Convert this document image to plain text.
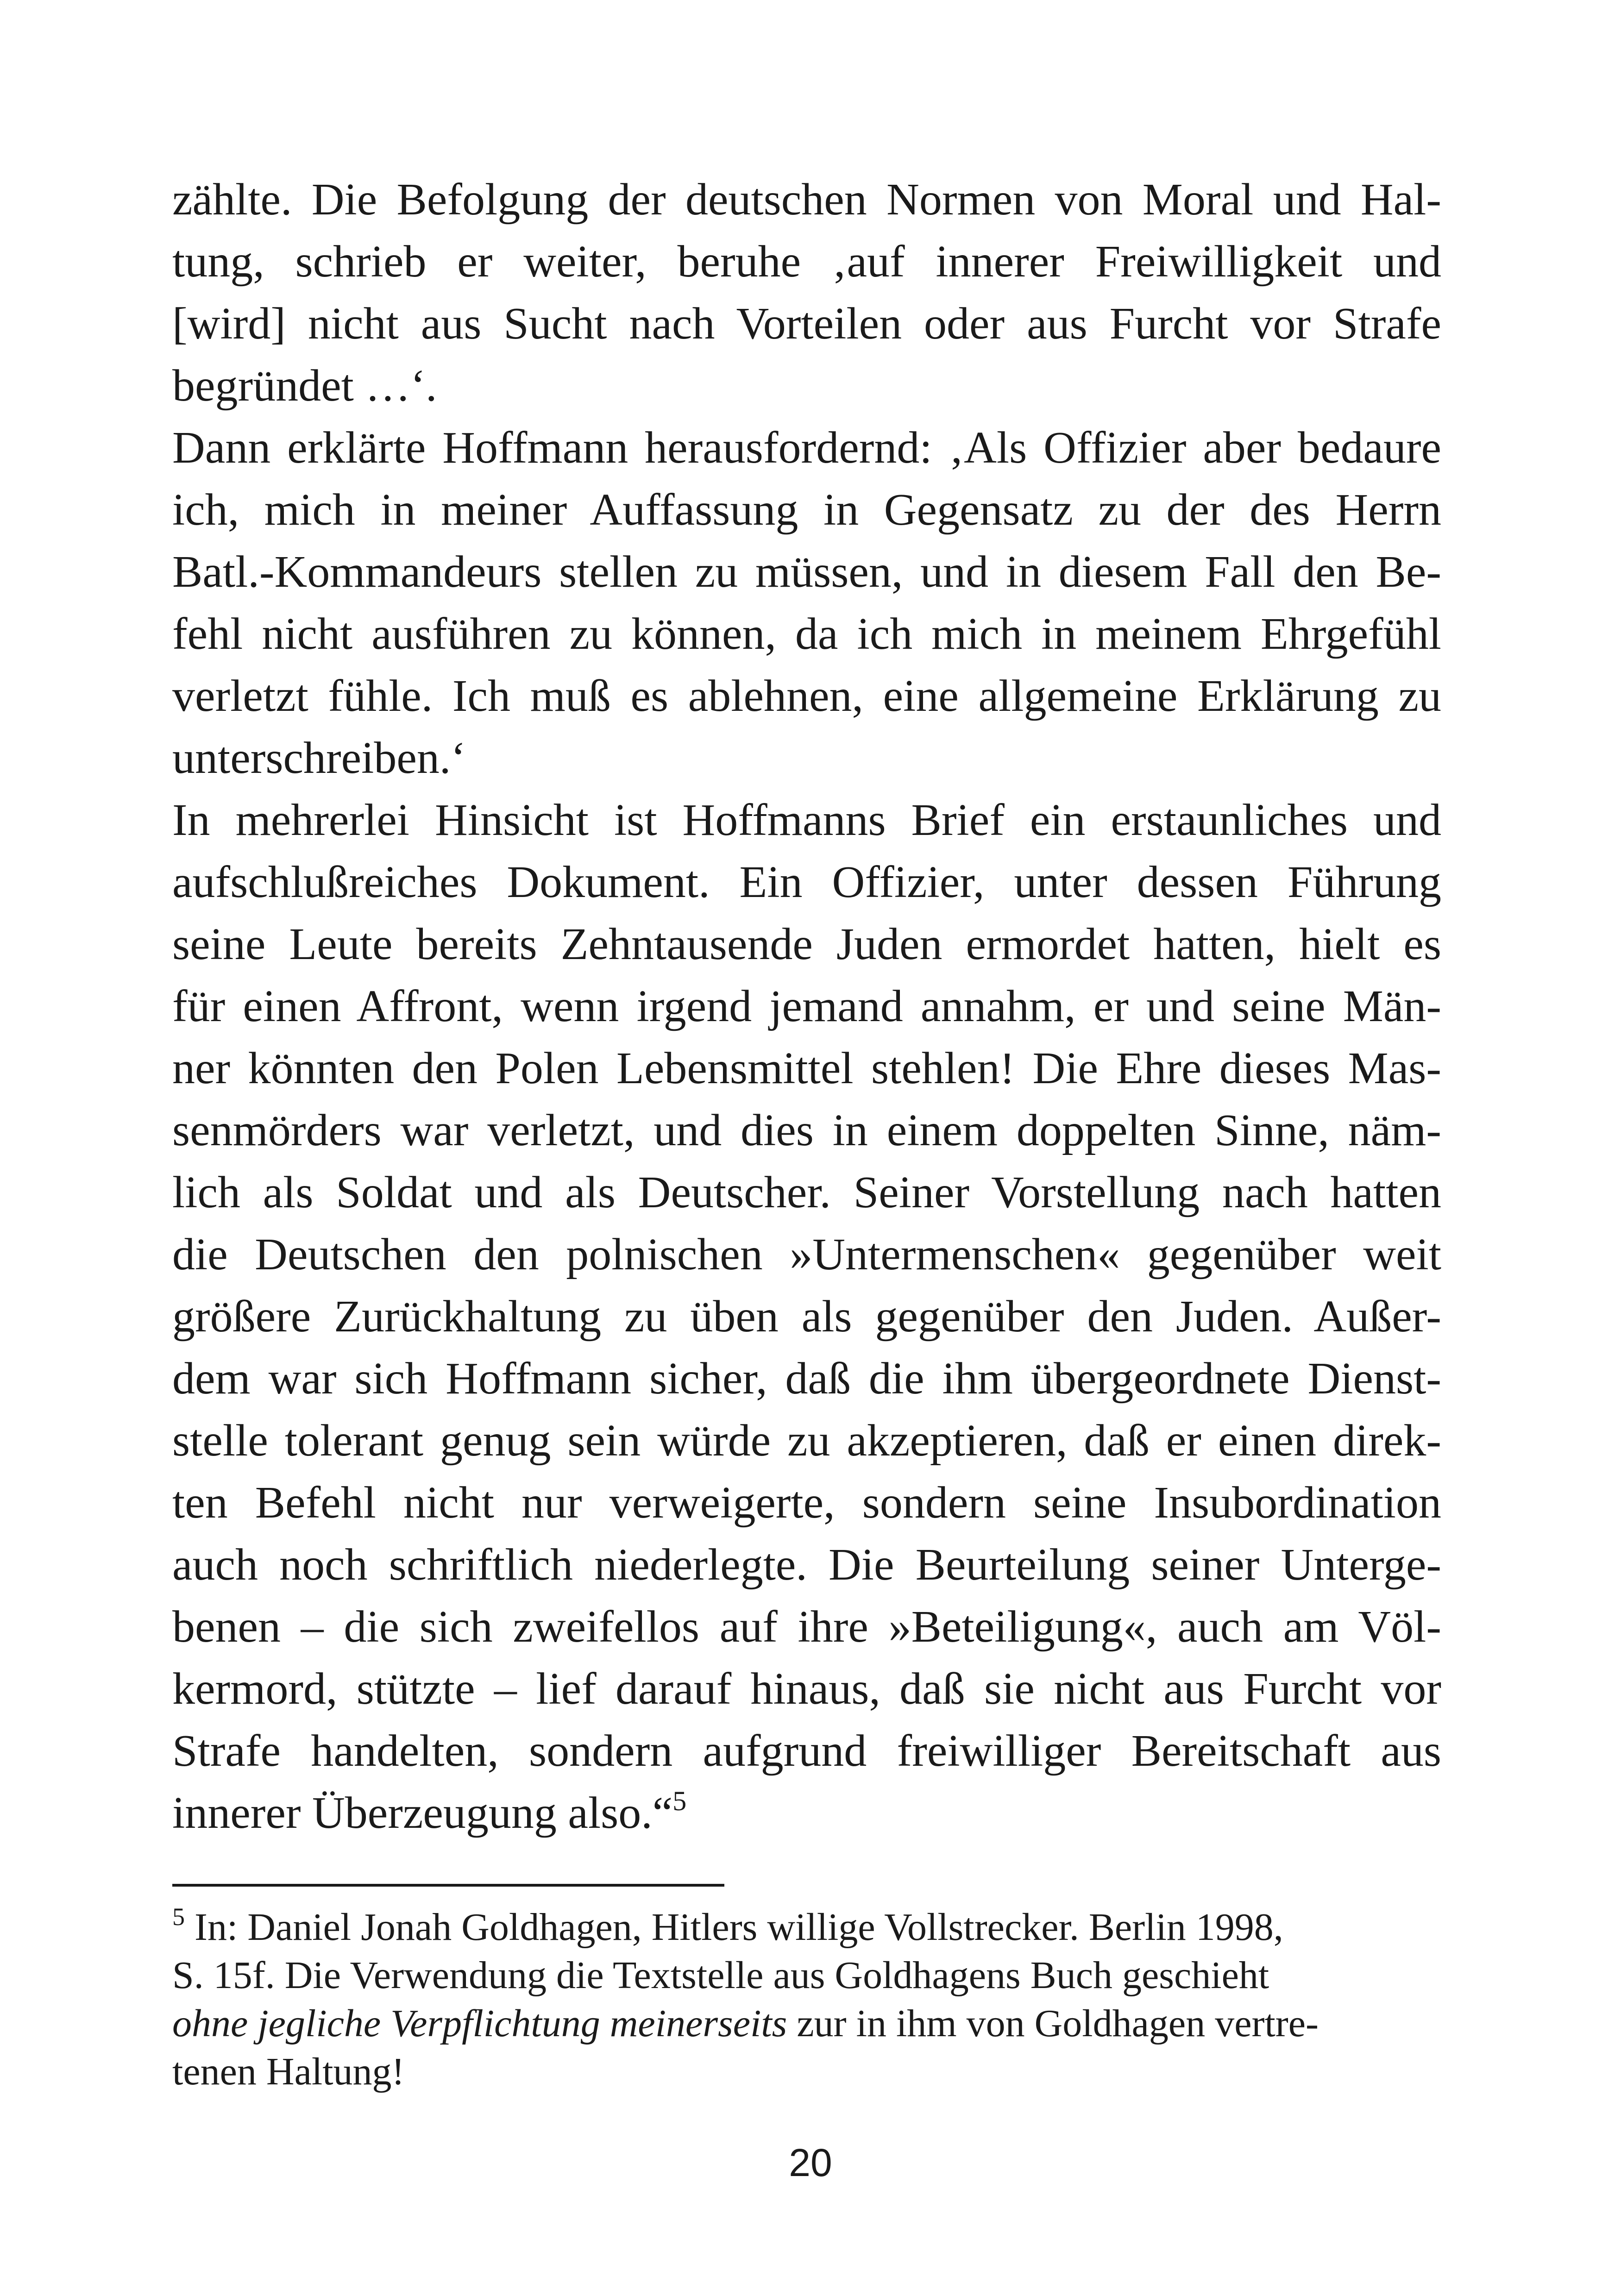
zählte. Die Befolgung der deutschen Normen von Moral und Hal-
tung, schrieb er weiter, beruhe ‚auf innerer Freiwilligkeit und
[wird] nicht aus Sucht nach Vorteilen oder aus Furcht vor Strafe
begründet …‘.

Dann erklärte Hoffmann herausfordernd: ‚Als Offizier aber bedaure
ich, mich in meiner Auffassung in Gegensatz zu der des Herrn
Batl.-Kommandeurs stellen zu müssen, und in diesem Fall den Be-
fehl nicht ausführen zu können, da ich mich in meinem Ehrgefühl
verletzt fühle. Ich muß es ablehnen, eine allgemeine Erklärung zu
unterschreiben.‘

In mehrerlei Hinsicht ist Hoffmanns Brief ein erstaunliches und
aufschlußreiches Dokument. Ein Offizier, unter dessen Führung
seine Leute bereits Zehntausende Juden ermordet hatten, hielt es
für einen Affront, wenn irgend jemand annahm, er und seine Män-
ner könnten den Polen Lebensmittel stehlen! Die Ehre dieses Mas-
senmörders war verletzt, und dies in einem doppelten Sinne, näm-
lich als Soldat und als Deutscher. Seiner Vorstellung nach hatten
die Deutschen den polnischen »Untermenschen« gegenüber weit
größere Zurückhaltung zu üben als gegenüber den Juden. Außer-
dem war sich Hoffmann sicher, daß die ihm übergeordnete Dienst-
stelle tolerant genug sein würde zu akzeptieren, daß er einen direk-
ten Befehl nicht nur verweigerte, sondern seine Insubordination
auch noch schriftlich niederlegte. Die Beurteilung seiner Untergе-
benen – die sich zweifellos auf ihre »Beteiligung«, auch am Völ-
kermord, stützte – lief darauf hinaus, daß sie nicht aus Furcht vor
Strafe handelten, sondern aufgrund freiwilliger Bereitschaft aus
innerer Überzeugung also.“$^5$

$^5$ In: Daniel Jonah Goldhagen, Hitlers willige Vollstrecker. Berlin 1998,
S. 15f. Die Verwendung die Textstelle aus Goldhagens Buch geschieht
ohne jegliche Verpflichtung meinerseits zur in ihm von Goldhagen vertre-
tenen Haltung!
20
